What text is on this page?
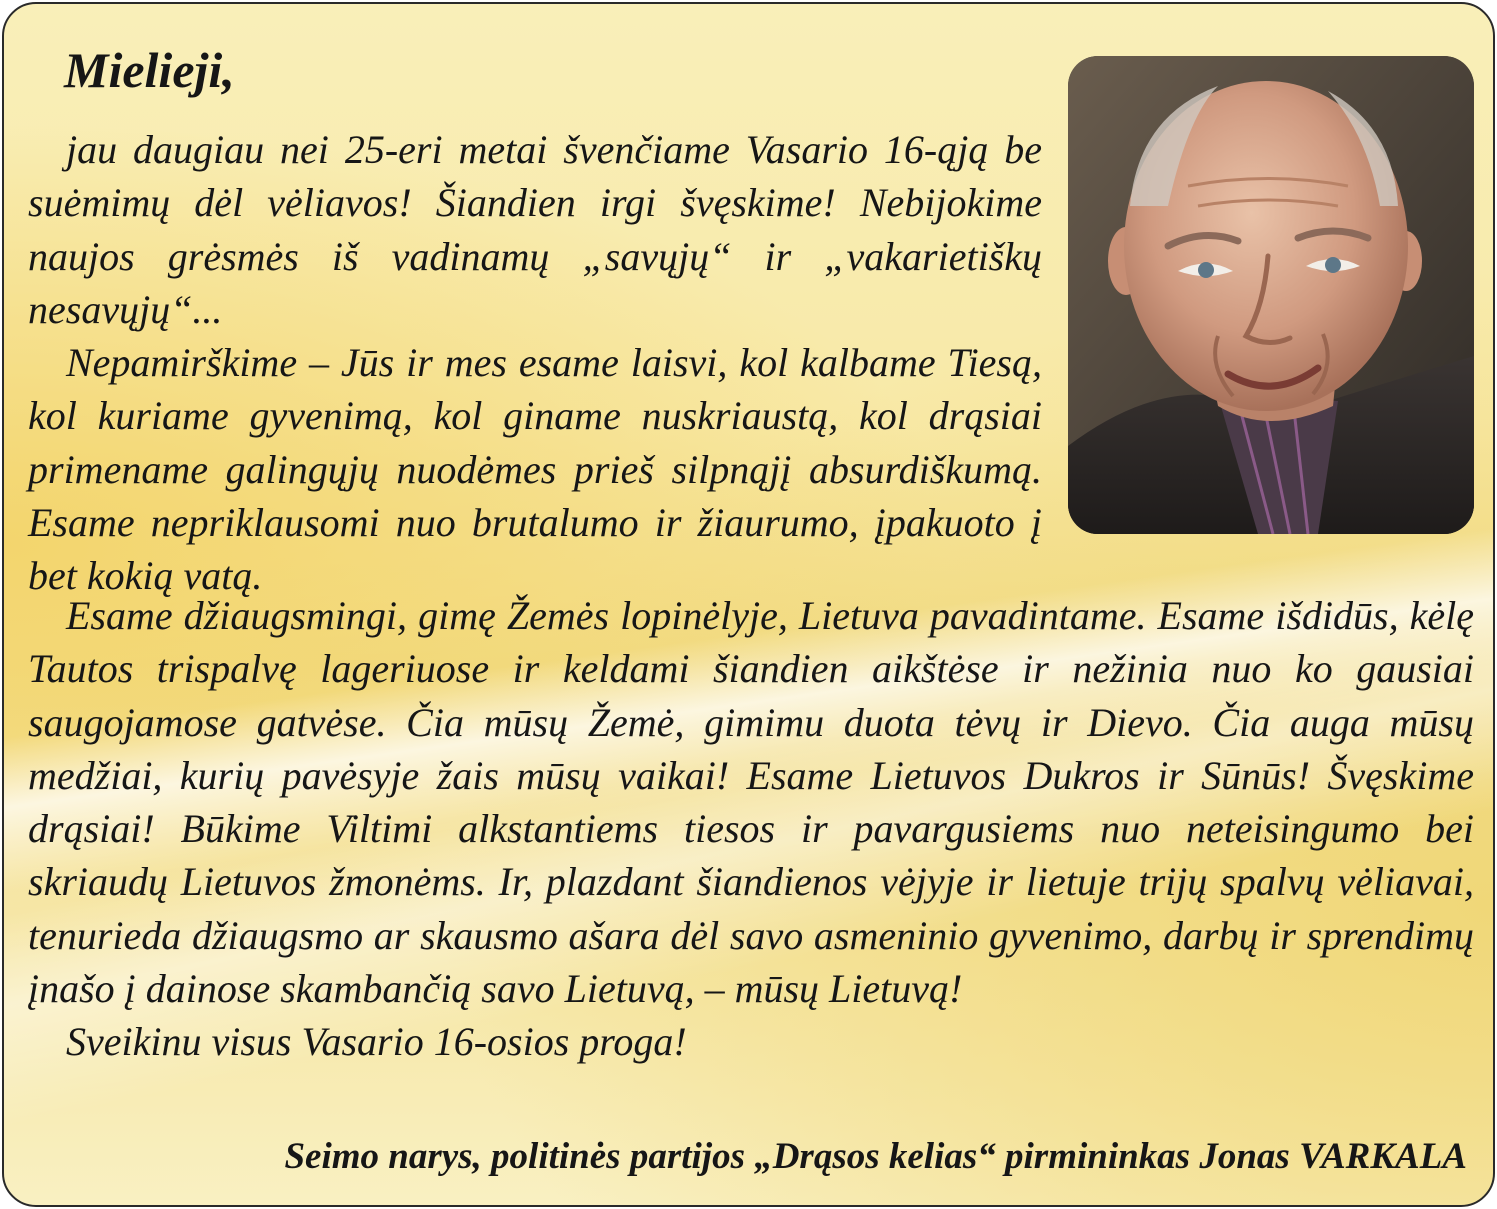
Mielieji,

jau daugiau nei 25-eri metai švenčiame Vasario 16-ąją be suėmimų dėl vėliavos! Šiandien irgi švęskime! Nebijokime naujos grėsmės iš vadinamų „savųjų“ ir „vakarietiškų nesavųjų“...

Nepamirškime – Jūs ir mes esame laisvi, kol kalbame Tiesą, kol kuriame gyvenimą, kol giname nuskriaustą, kol drąsiai primename galingųjų nuodėmes prieš silpnąjį absurdiškumą. Esame nepriklausomi nuo brutalumo ir žiaurumo, įpakuoto į bet kokią vatą.

Esame džiaugsmingi, gimę Žemės lopinėlyje, Lietuva pavadintame. Esame išdidūs, kėlę Tautos trispalvę lageriuose ir keldami šiandien aikštėse ir nežinia nuo ko gausiai saugojamose gatvėse. Čia mūsų Žemė, gimimu duota tėvų ir Dievo. Čia auga mūsų medžiai, kurių pavėsyje žais mūsų vaikai! Esame Lietuvos Dukros ir Sūnūs! Švęskime drąsiai! Būkime Viltimi alkstantiems tiesos ir pavargusiems nuo neteisingumo bei skriaudų Lietuvos žmonėms. Ir, plazdant šiandienos vėjyje ir lietuje trijų spalvų vėliavai, tenurieda džiaugsmo ar skausmo ašara dėl savo asmeninio gyvenimo, darbų ir sprendimų įnašo į dainose skambančią savo Lietuvą, – mūsų Lietuvą!

Sveikinu visus Vasario 16-osios proga!

Seimo narys, politinės partijos „Drąsos kelias“ pirmininkas Jonas VARKALA
